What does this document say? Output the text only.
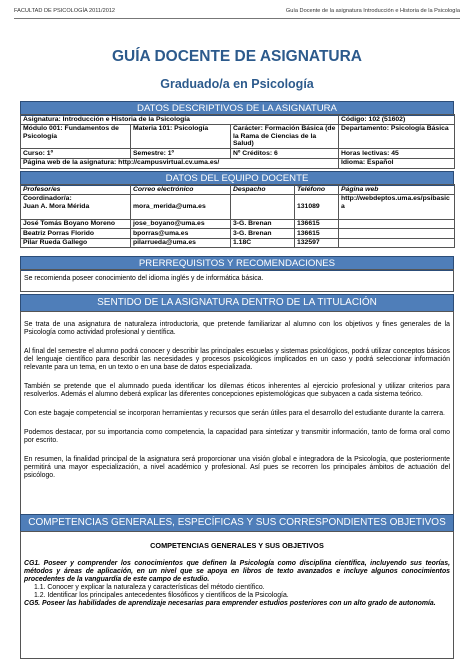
FACULTAD DE PSICOLOGÍA 2011/2012	Guía Docente de la asignatura Introducción e Historia de la Psicología
GUÍA DOCENTE DE ASIGNATURA
Graduado/a en Psicología
DATOS DESCRIPTIVOS DE LA ASIGNATURA
Asignatura: Introducción e Historia de la Psicología			Código: 102 (51602)
Módulo 001: Fundamentos de Psicología	Materia 101: Psicología	Carácter: Formación Básica (de la Rama de Ciencias de la Salud)	Departamento: Psicología Básica
Curso: 1º	Semestre: 1º	Nº Créditos: 6	Horas lectivas: 45
Página web de la asignatura: http://campusvirtual.cv.uma.es/			Idioma: Español
DATOS DEL EQUIPO DOCENTE
Profesor/es	Correo electrónico	Despacho	Teléfono	Página web

Coordinador/a:
Juan A. Mora Mérida	mora_merida@uma.es		131089	http://webdeptos.uma.es/psibasica
José Tomás Boyano Moreno	jose_boyano@uma.es	3-G. Brenan	136615	
Beatriz Porras Florido	bporras@uma.es	3-G. Brenan	136615	
Pilar Rueda Gallego	pilarrueda@uma.es	1.18C	132597	
PRERREQUISITOS Y RECOMENDACIONES

Se recomienda poseer conocimiento del idioma inglés y de informática básica.

SENTIDO DE LA ASIGNATURA DENTRO DE LA TITULACIÓN

Se trata de una asignatura de naturaleza introductoria, que pretende familiarizar al alumno con los objetivos y fines generales de la Psicología como actividad profesional y científica.

Al final del semestre el alumno podrá conocer y describir las principales escuelas y sistemas psicológicos, podrá utilizar conceptos básicos del lenguaje científico para describir las necesidades y procesos psicológicos implicados en un caso y podrá seleccionar información relevante para un tema, en un texto o en una base de datos especializada.

También se pretende que el alumnado pueda identificar los dilemas éticos inherentes al ejercicio profesional y utilizar criterios para resolverlos. Además el alumno deberá explicar las diferentes concepciones epistemológicas que subyacen a cada sistema teórico.

Con este bagaje competencial se incorporan herramientas y recursos que serán útiles para el desarrollo del estudiante durante la carrera.

Podemos destacar, por su importancia como competencia, la capacidad para sintetizar y transmitir información, tanto de forma oral como por escrito.

En resumen, la finalidad principal de la asignatura será proporcionar una visión global e integradora de la Psicología, que posteriormente permitirá una mayor especialización, a nivel académico y profesional. Así pues se recorren los principales ámbitos de actuación del psicólogo.

COMPETENCIAS GENERALES, ESPECÍFICAS Y SUS CORRESPONDIENTES OBJETIVOS
COMPETENCIAS GENERALES Y SUS OBJETIVOS

CG1. Poseer y comprender los conocimientos que definen la Psicología como disciplina científica, incluyendo sus teorías, métodos y áreas de aplicación, en un nivel que se apoya en libros de texto avanzados e incluye algunos conocimientos procedentes de la vanguardia de este campo de estudio.

1.1. Conocer y explicar la naturaleza y características del método científico.

1.2. Identificar los principales antecedentes filosóficos y científicos de la Psicología.

CG5. Poseer las habilidades de aprendizaje necesarias para emprender estudios posteriores con un alto grado de autonomía.
